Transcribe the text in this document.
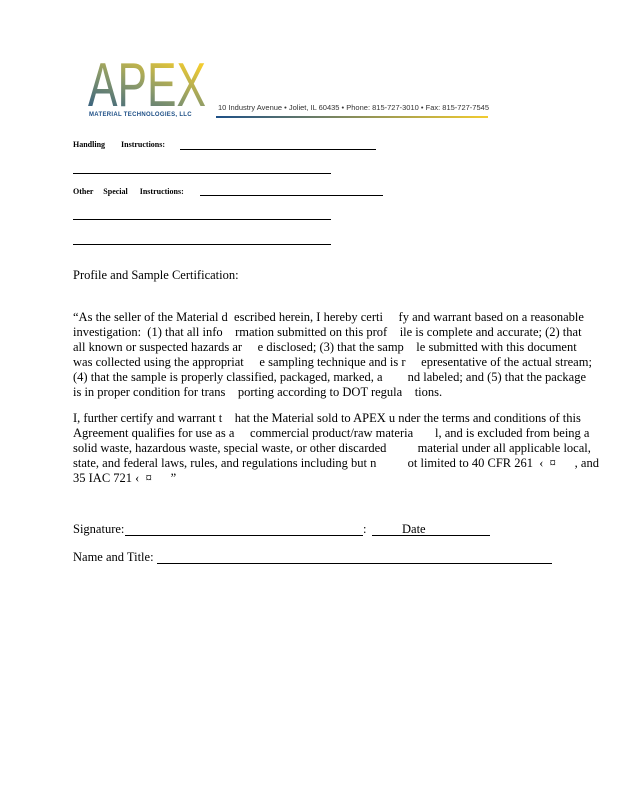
APEX
MATERIAL TECHNOLOGIES, LLC
10 Industry Avenue • Joliet, IL 60435 • Phone: 815-727-3010 • Fax: 815-727-7545
Handling        Instructions:
Other     Special      Instructions:
Profile and Sample Certification:
“As the seller of the Material d  escribed herein, I hereby certi     fy and warrant based on a reasonable
investigation:  (1) that all info    rmation submitted on this prof    ile is complete and accurate; (2) that
all known or suspected hazards ar     e disclosed; (3) that the samp    le submitted with this document
was collected using the appropriat     e sampling technique and is r     epresentative of the actual stream;
(4) that the sample is properly classified, packaged, marked, a        nd labeled; and (5) that the package
is in proper condition for trans    porting according to DOT regula    tions.
I, further certify and warrant t    hat the Material sold to APEX u nder the terms and conditions of this
Agreement qualifies for use as a     commercial product/raw materia       l, and is excluded from being a
solid waste, hazardous waste, special waste, or other discarded          material under all applicable local,
state, and federal laws, rules, and regulations including but n          ot limited to 40 CFR 261  ‹  ¤      , and
35 IAC 721 ‹  ¤      ”
Signature:	:	Date
Name and Title:
